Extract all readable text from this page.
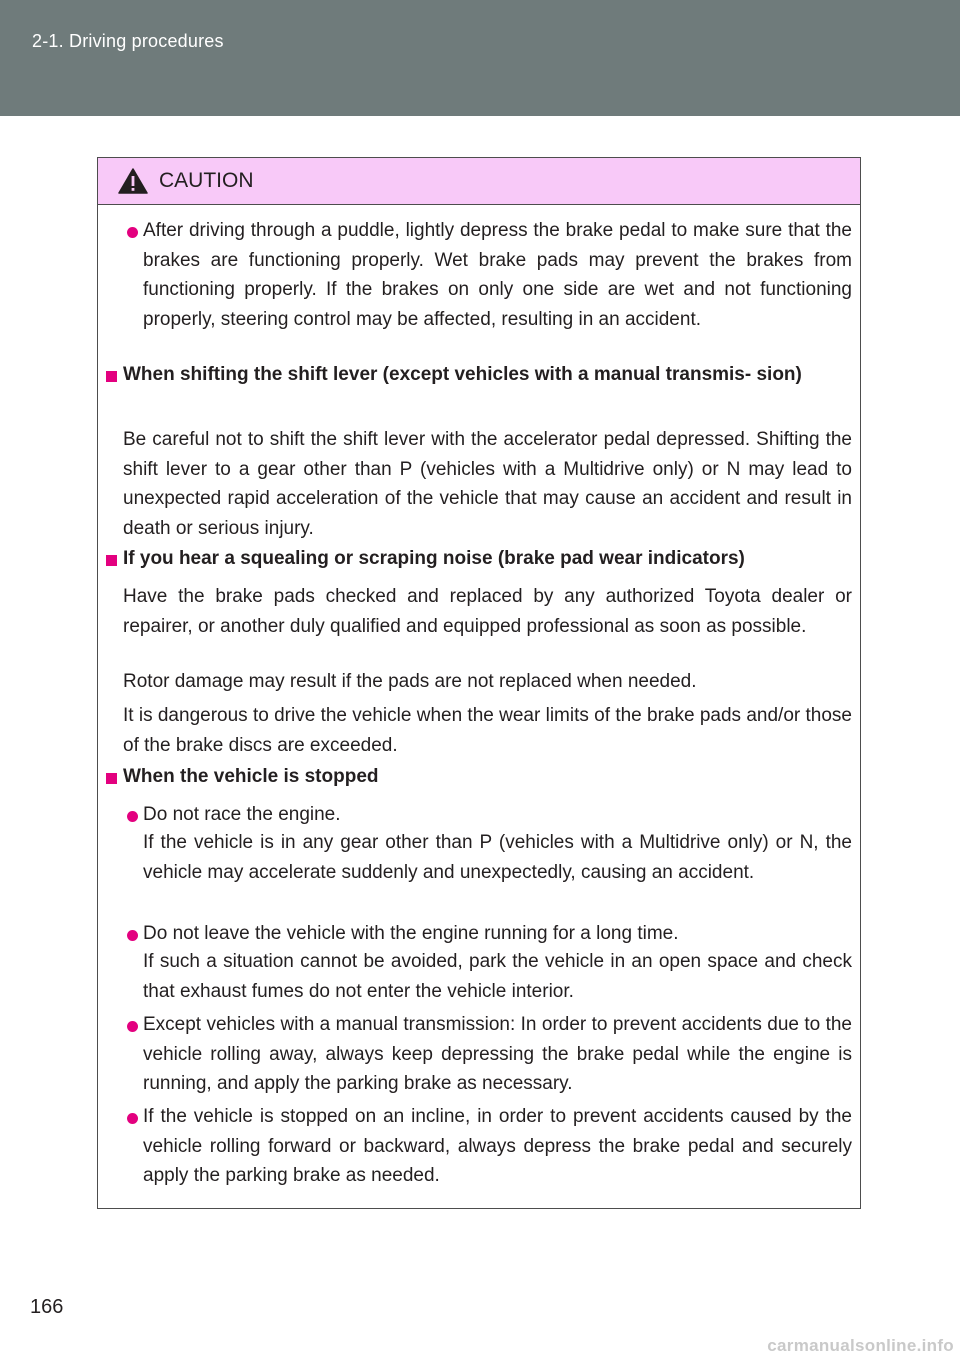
2-1. Driving procedures
CAUTION
After driving through a puddle, lightly depress the brake pedal to make sure that the brakes are functioning properly. Wet brake pads may prevent the brakes from functioning properly. If the brakes on only one side are wet and not functioning properly, steering control may be affected, resulting in an accident.
When shifting the shift lever (except vehicles with a manual transmis- sion)
Be careful not to shift the shift lever with the accelerator pedal depressed. Shifting the shift lever to a gear other than P (vehicles with a Multidrive only) or N may lead to unexpected rapid acceleration of the vehicle that may cause an accident and result in death or serious injury.
If you hear a squealing or scraping noise (brake pad wear indicators)
Have the brake pads checked and replaced by any authorized Toyota dealer or repairer, or another duly qualified and equipped professional as soon as possible.
Rotor damage may result if the pads are not replaced when needed.
It is dangerous to drive the vehicle when the wear limits of the brake pads and/or those of the brake discs are exceeded.
When the vehicle is stopped
Do not race the engine.
If the vehicle is in any gear other than P (vehicles with a Multidrive only) or N, the vehicle may accelerate suddenly and unexpectedly, causing an accident.
Do not leave the vehicle with the engine running for a long time.
If such a situation cannot be avoided, park the vehicle in an open space and check that exhaust fumes do not enter the vehicle interior.
Except vehicles with a manual transmission: In order to prevent accidents due to the vehicle rolling away, always keep depressing the brake pedal while the engine is running, and apply the parking brake as necessary.
If the vehicle is stopped on an incline, in order to prevent accidents caused by the vehicle rolling forward or backward, always depress the brake pedal and securely apply the parking brake as needed.
166
carmanualsonline.info
